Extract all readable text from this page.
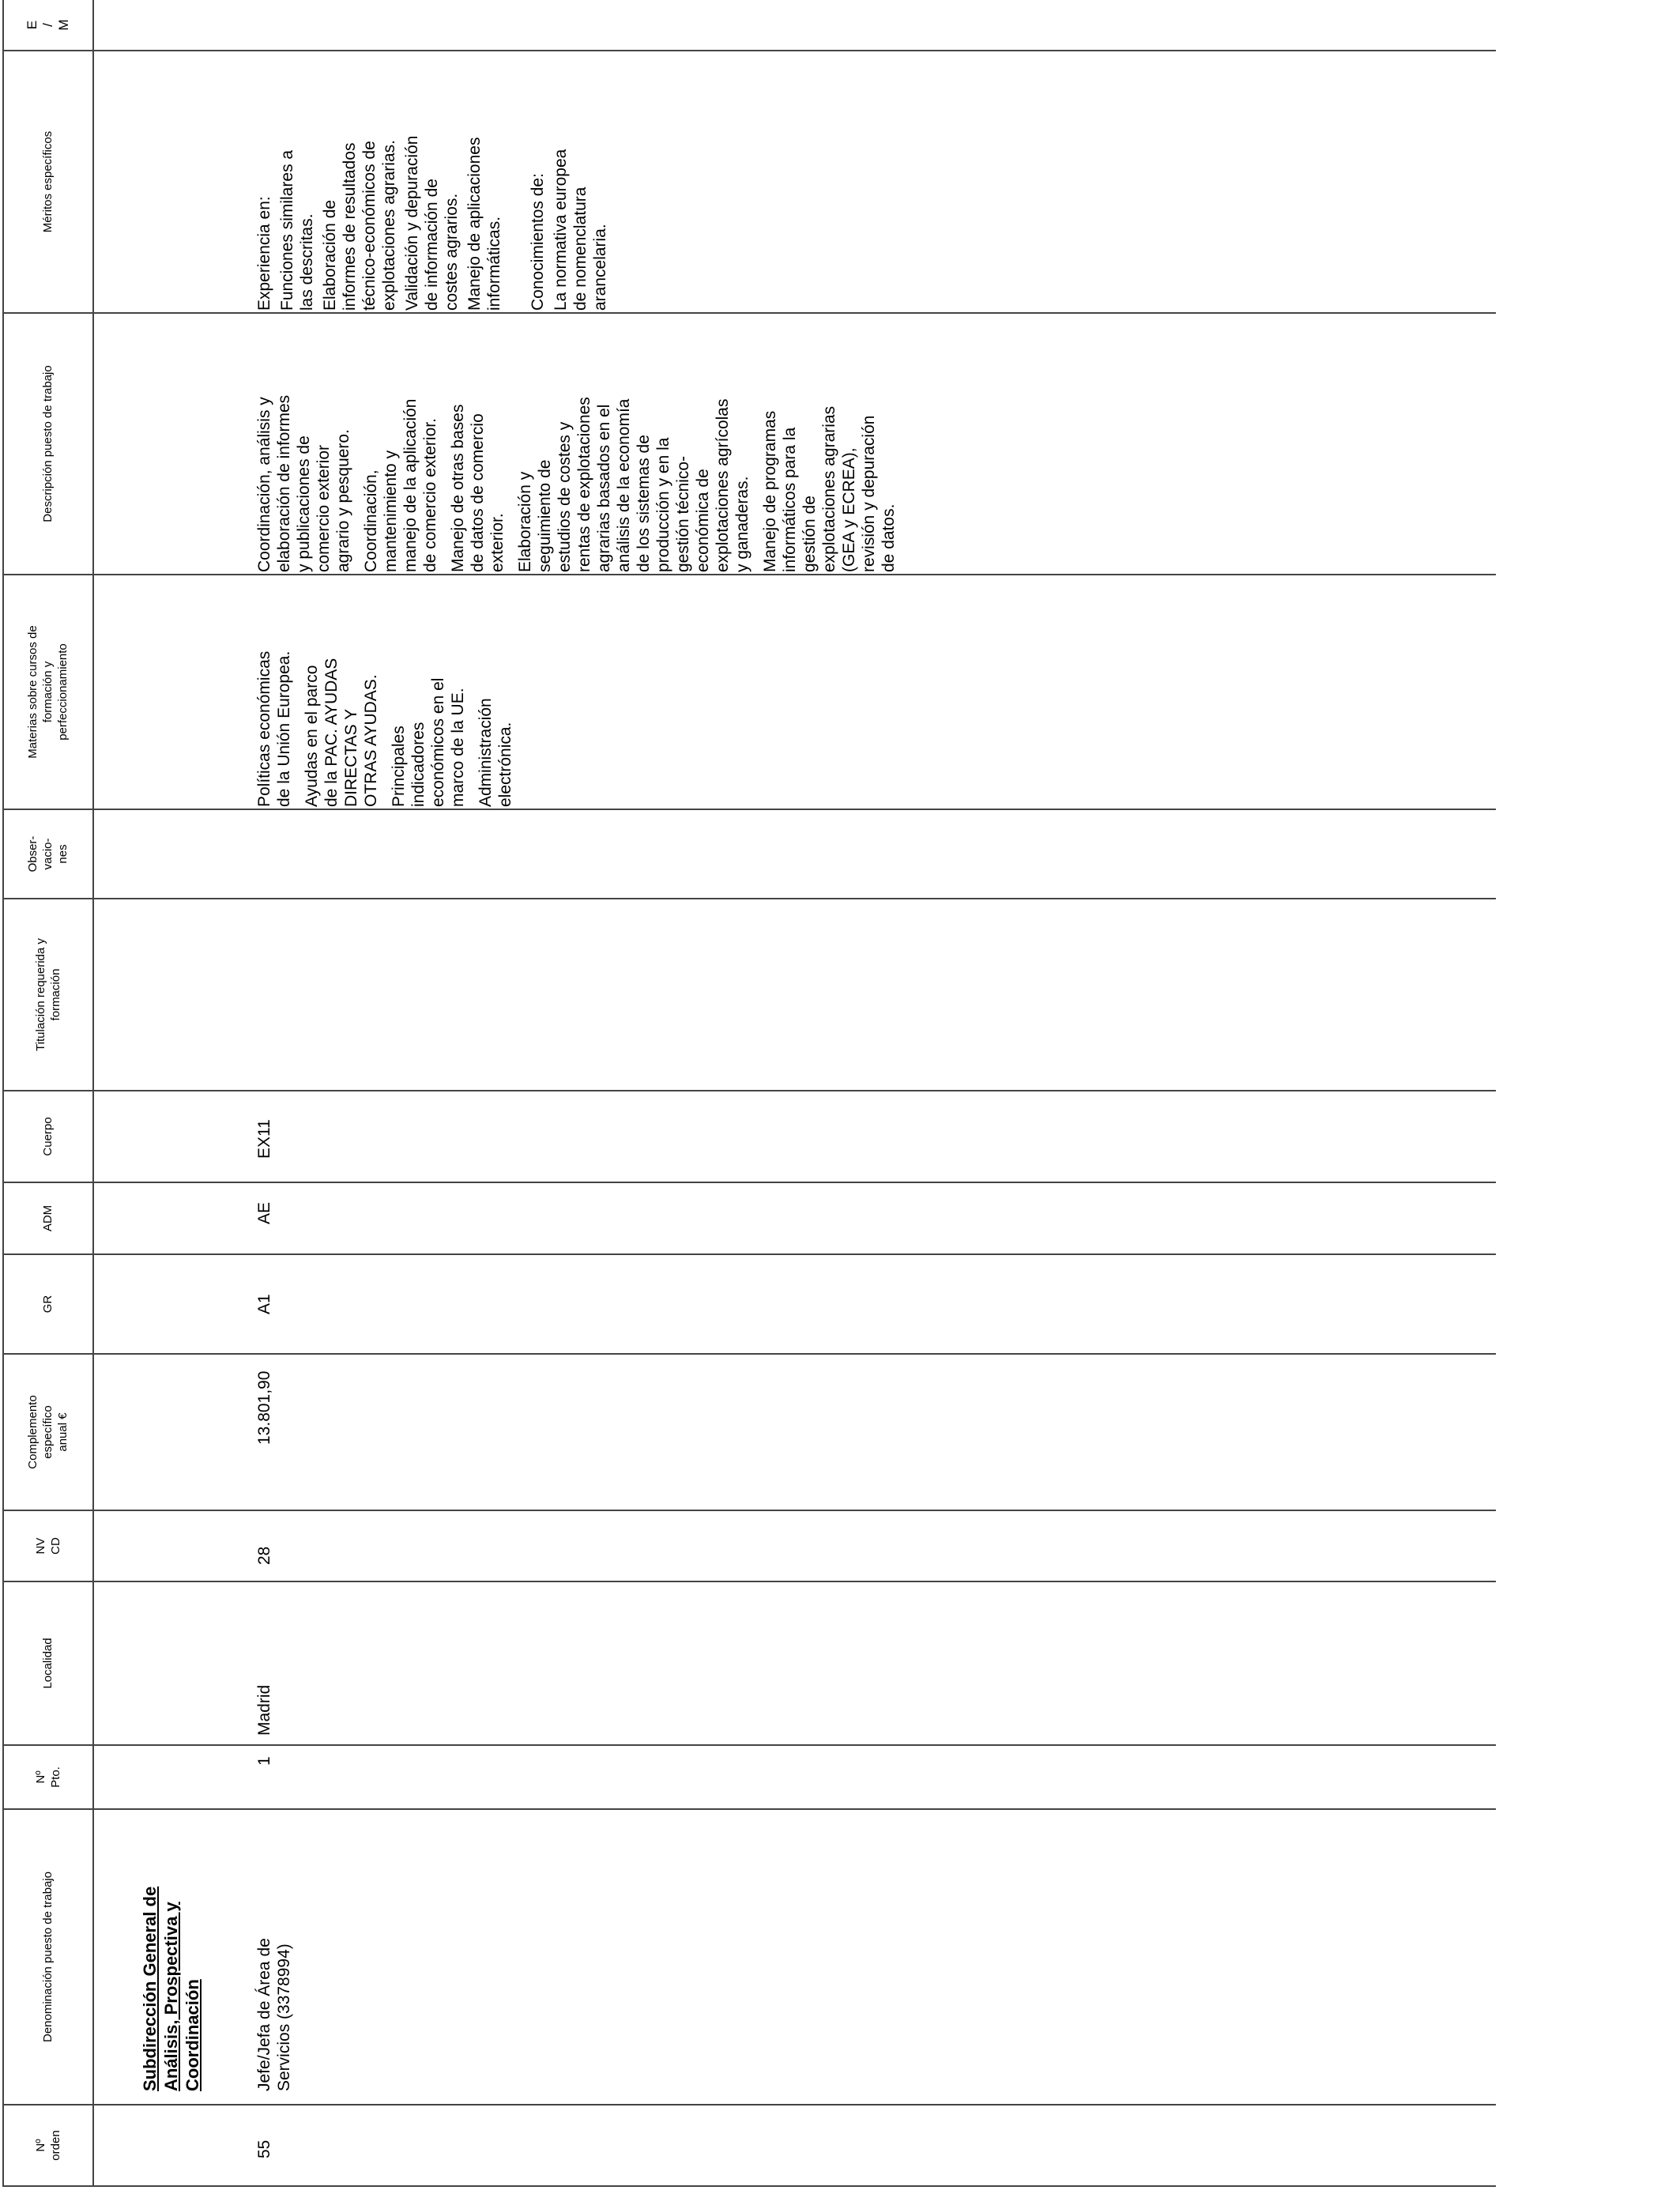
Nº
orden
Denominación puesto de trabajo
Nº
Pto.
Localidad
NV
CD
Complemento
específico
anual €
GR
ADM
Cuerpo
Titulación requerida y
formación
Obser-
vacio-
nes
Materias sobre cursos de
formación y
perfeccionamiento
Descripción puesto de trabajo
Méritos específicos
E
/
M
Subdirección General de
Análisis, Prospectiva y
Coordinación
55
Jefe/Jefa de Área de
Servicios (3378994)
1
Madrid
28
13.801,90
A1
AE
EX11

Políticas económicas
de la Unión Europea.

Ayudas en el parco
de la PAC. AYUDAS
DIRECTAS Y
OTRAS AYUDAS.

Principales
indicadores
económicos en el
marco de la UE. Administración
electrónica.

Coordinación, análisis y
elaboración de informes
y publicaciones de
comercio exterior
agrario y pesquero.

Coordinación,
mantenimiento y
manejo de la aplicación
de comercio exterior.

Manejo de otras bases
de datos de comercio
exterior. Elaboración y
seguimiento de
estudios de costes y
rentas de explotaciones
agrarias basados en el
análisis de la economía
de los sistemas de
producción y en la
gestión técnico-
económica de
explotaciones agrícolas
y ganaderas. Manejo de programas
informáticos para la
gestión de
explotaciones agrarias
(GEA y ECREA),
revisión y depuración
de datos.

Experiencia en: Funciones similares a
las descritas. Elaboración de
informes de resultados
técnico-económicos de
explotaciones agrarias.

Validación y depuración
de información de
costes agrarios.

Manejo de aplicaciones
informáticas. Conocimientos de: La normativa europea
de nomenclatura
arancelaria.
